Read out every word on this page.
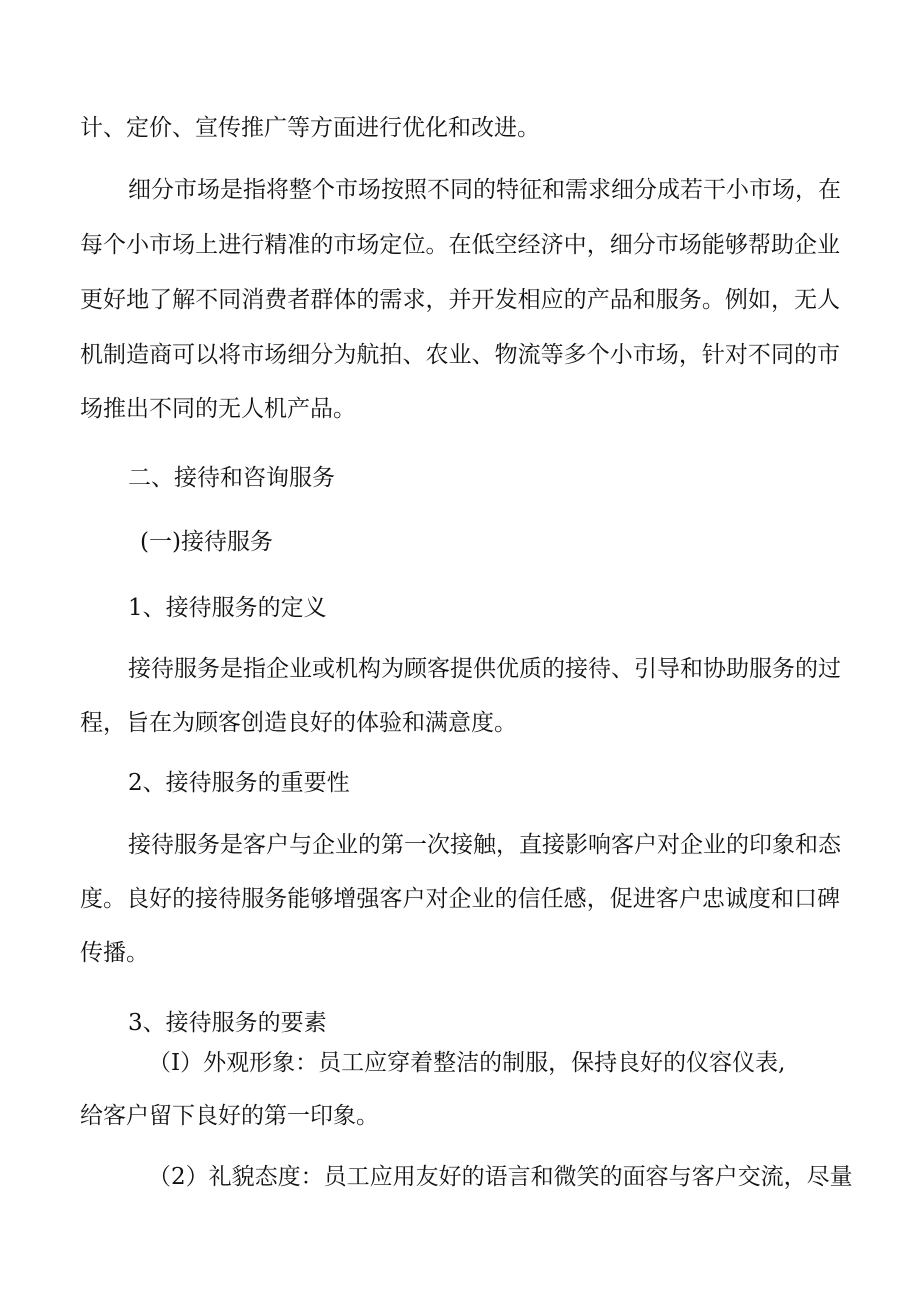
计、定价、宣传推广等方面进行优化和改进。
细分市场是指将整个市场按照不同的特征和需求细分成若干小市场，在
每个小市场上进行精准的市场定位。在低空经济中，细分市场能够帮助企业
更好地了解不同消费者群体的需求，并开发相应的产品和服务。例如，无人
机制造商可以将市场细分为航拍、农业、物流等多个小市场，针对不同的市
场推出不同的无人机产品。
二、接待和咨询服务
(一)接待服务
1、接待服务的定义
接待服务是指企业或机构为顾客提供优质的接待、引导和协助服务的过
程，旨在为顾客创造良好的体验和满意度。
2、接待服务的重要性
接待服务是客户与企业的第一次接触，直接影响客户对企业的印象和态
度。良好的接待服务能够增强客户对企业的信任感，促进客户忠诚度和口碑
传播。
3、接待服务的要素
（I）外观形象：员工应穿着整洁的制服，保持良好的仪容仪表,
给客户留下良好的第一印象。
（2）礼貌态度：员工应用友好的语言和微笑的面容与客户交流，尽量
